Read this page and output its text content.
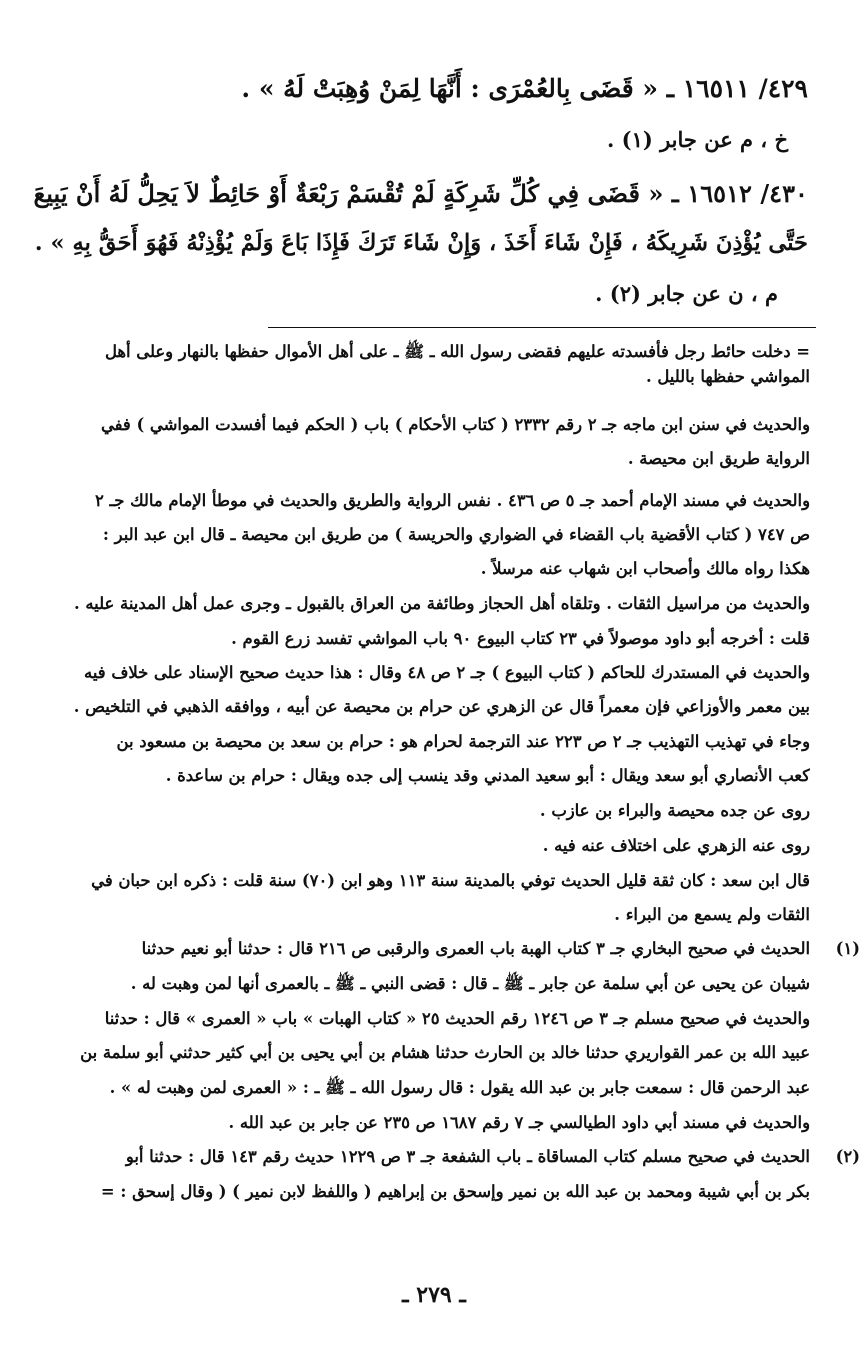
٤٢٩/ ١٦٥١١ ـ « قَضَى بِالعُمْرَى : أَنَّهَا لِمَنْ وُهِبَتْ لَهُ » .
خ ، م عن جابر (١) .
٤٣٠/ ١٦٥١٢ ـ « قَضَى فِي كُلِّ شَرِكَةٍ لَمْ تُقْسَمْ رَبْعَةٌ أَوْ حَائِطٌ لاَ يَحِلُّ لَهُ أَنْ يَبِيعَ
حَتَّى يُؤْذِنَ شَرِيكَهُ ، فَإِنْ شَاءَ أَخَذَ ، وَإِنْ شَاءَ تَرَكَ فَإِذَا بَاعَ وَلَمْ يُؤْذِنْهُ فَهُوَ أَحَقُّ بِهِ » .
م ، ن عن جابر (٢) .
= دخلت حائط رجل فأفسدته عليهم فقضى رسول الله ـ ﷺ ـ على أهل الأموال حفظها بالنهار وعلى أهل
المواشي حفظها بالليل .
والحديث في سنن ابن ماجه جـ ٢ رقم ٢٣٣٢ ( كتاب الأحكام ) باب ( الحكم فيما أفسدت المواشي ) ففي
الرواية طريق ابن محيصة .
والحديث في مسند الإمام أحمد جـ ٥ ص ٤٣٦ . نفس الرواية والطريق والحديث في موطأ الإمام مالك جـ ٢
ص ٧٤٧ ( كتاب الأقضية باب القضاء في الضواري والحريسة ) من طريق ابن محيصة ـ قال ابن عبد البر :
هكذا رواه مالك وأصحاب ابن شهاب عنه مرسلاً .
والحديث من مراسيل الثقات . وتلقاه أهل الحجاز وطائفة من العراق بالقبول ـ وجرى عمل أهل المدينة عليه .
قلت : أخرجه أبو داود موصولاً في ٢٣ كتاب البيوع ٩٠ باب المواشي تفسد زرع القوم .
والحديث في المستدرك للحاكم ( كتاب البيوع ) جـ ٢ ص ٤٨ وقال : هذا حديث صحيح الإسناد على خلاف فيه
بين معمر والأوزاعي فإن معمراً قال عن الزهري عن حرام بن محيصة عن أبيه ، ووافقه الذهبي في التلخيص .
وجاء في تهذيب التهذيب جـ ٢ ص ٢٢٣ عند الترجمة لحرام هو : حرام بن سعد بن محيصة بن مسعود بن
كعب الأنصاري أبو سعد ويقال : أبو سعيد المدني وقد ينسب إلى جده ويقال : حرام بن ساعدة .
روى عن جده محيصة والبراء بن عازب .
روى عنه الزهري على اختلاف عنه فيه .
قال ابن سعد : كان ثقة قليل الحديث توفي بالمدينة سنة ١١٣ وهو ابن (٧٠) سنة قلت : ذكره ابن حبان في
الثقات ولم يسمع من البراء .
(١)
الحديث في صحيح البخاري جـ ٣ كتاب الهبة باب العمرى والرقبى ص ٢١٦ قال : حدثنا أبو نعيم حدثنا
شيبان عن يحيى عن أبي سلمة عن جابر ـ ﷺ ـ قال : قضى النبي ـ ﷺ ـ بالعمرى أنها لمن وهبت له .
والحديث في صحيح مسلم جـ ٣ ص ١٢٤٦ رقم الحديث ٢٥ « كتاب الهبات » باب « العمرى » قال : حدثنا
عبيد الله بن عمر القواريري حدثنا خالد بن الحارث حدثنا هشام بن أبي يحيى بن أبي كثير حدثني أبو سلمة بن
عبد الرحمن قال : سمعت جابر بن عبد الله يقول : قال رسول الله ـ ﷺ ـ : « العمرى لمن وهبت له » .
والحديث في مسند أبي داود الطيالسي جـ ٧ رقم ١٦٨٧ ص ٢٣٥ عن جابر بن عبد الله .
(٢)
الحديث في صحيح مسلم كتاب المساقاة ـ باب الشفعة جـ ٣ ص ١٢٢٩ حديث رقم ١٤٣ قال : حدثنا أبو
بكر بن أبي شيبة ومحمد بن عبد الله بن نمير وإسحق بن إبراهيم ( واللفظ لابن نمير ) ( وقال إسحق : =
ـ ٢٧٩ ـ
